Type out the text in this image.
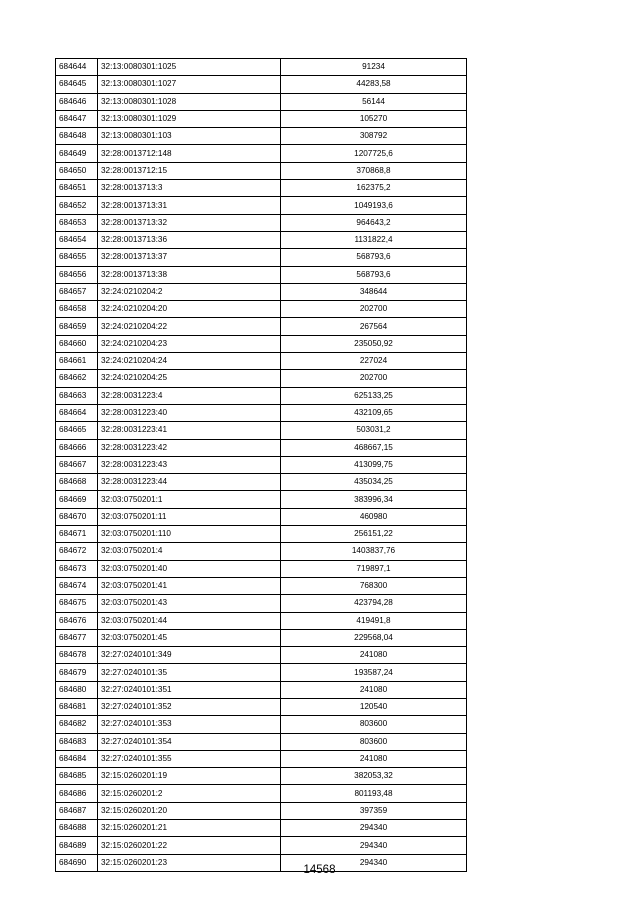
684644	32:13:0080301:1025	91234
684645	32:13:0080301:1027	44283,58
684646	32:13:0080301:1028	56144
684647	32:13:0080301:1029	105270
684648	32:13:0080301:103	308792
684649	32:28:0013712:148	1207725,6
684650	32:28:0013712:15	370868,8
684651	32:28:0013713:3	162375,2
684652	32:28:0013713:31	1049193,6
684653	32:28:0013713:32	964643,2
684654	32:28:0013713:36	1131822,4
684655	32:28:0013713:37	568793,6
684656	32:28:0013713:38	568793,6
684657	32:24:0210204:2	348644
684658	32:24:0210204:20	202700
684659	32:24:0210204:22	267564
684660	32:24:0210204:23	235050,92
684661	32:24:0210204:24	227024
684662	32:24:0210204:25	202700
684663	32:28:0031223:4	625133,25
684664	32:28:0031223:40	432109,65
684665	32:28:0031223:41	503031,2
684666	32:28:0031223:42	468667,15
684667	32:28:0031223:43	413099,75
684668	32:28:0031223:44	435034,25
684669	32:03:0750201:1	383996,34
684670	32:03:0750201:11	460980
684671	32:03:0750201:110	256151,22
684672	32:03:0750201:4	1403837,76
684673	32:03:0750201:40	719897,1
684674	32:03:0750201:41	768300
684675	32:03:0750201:43	423794,28
684676	32:03:0750201:44	419491,8
684677	32:03:0750201:45	229568,04
684678	32:27:0240101:349	241080
684679	32:27:0240101:35	193587,24
684680	32:27:0240101:351	241080
684681	32:27:0240101:352	120540
684682	32:27:0240101:353	803600
684683	32:27:0240101:354	803600
684684	32:27:0240101:355	241080
684685	32:15:0260201:19	382053,32
684686	32:15:0260201:2	801193,48
684687	32:15:0260201:20	397359
684688	32:15:0260201:21	294340
684689	32:15:0260201:22	294340
684690	32:15:0260201:23	294340
14568
